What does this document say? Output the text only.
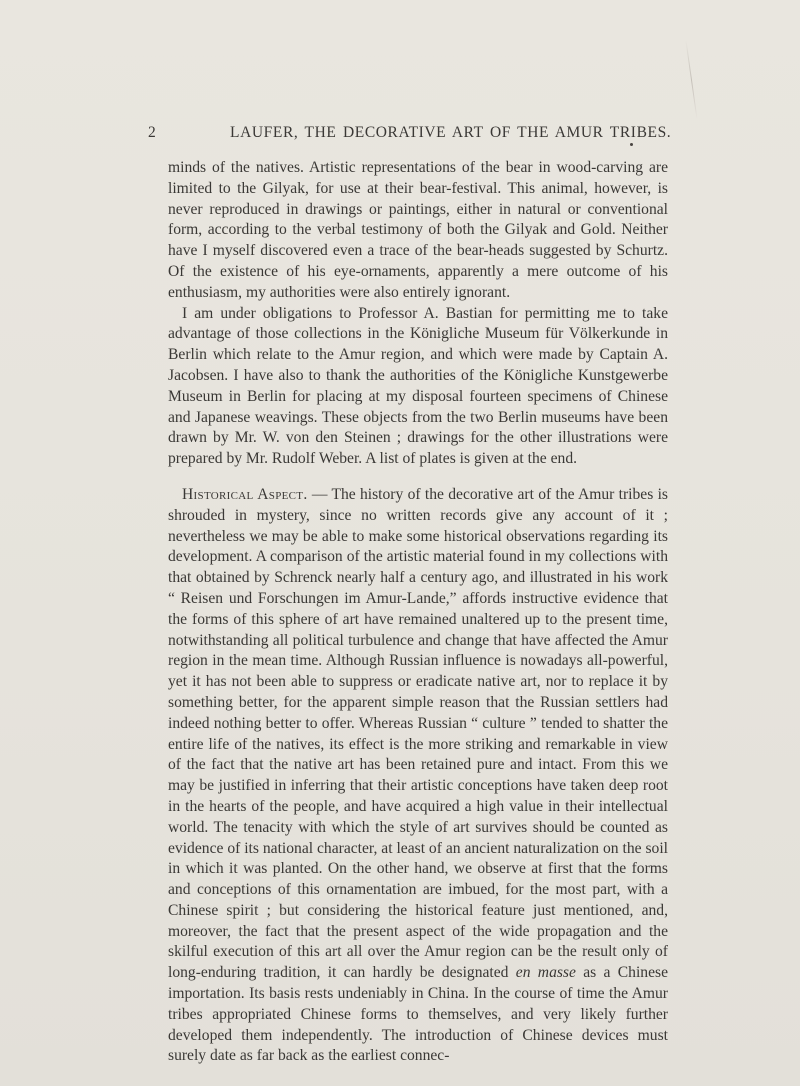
2	LAUFER, THE DECORATIVE ART OF THE AMUR TRIBES.

minds of the natives. Artistic representations of the bear in wood-carving are limited to the Gilyak, for use at their bear-festival. This animal, however, is never reproduced in drawings or paintings, either in natural or conventional form, according to the verbal testimony of both the Gilyak and Gold. Neither have I myself discovered even a trace of the bear-heads suggested by Schurtz. Of the existence of his eye-ornaments, apparently a mere outcome of his enthusiasm, my authorities were also entirely ignorant.

I am under obligations to Professor A. Bastian for permitting me to take advantage of those collections in the Königliche Museum für Völkerkunde in Berlin which relate to the Amur region, and which were made by Captain A. Jacobsen. I have also to thank the authorities of the Königliche Kunstgewerbe Museum in Berlin for placing at my disposal fourteen specimens of Chinese and Japanese weavings. These objects from the two Berlin museums have been drawn by Mr. W. von den Steinen ; drawings for the other illustrations were prepared by Mr. Rudolf Weber. A list of plates is given at the end.

Historical Aspect. — The history of the decorative art of the Amur tribes is shrouded in mystery, since no written records give any account of it ; nevertheless we may be able to make some historical observations regarding its development. A comparison of the artistic material found in my collections with that obtained by Schrenck nearly half a century ago, and illustrated in his work “ Reisen und Forschungen im Amur-Lande,” affords instructive evidence that the forms of this sphere of art have remained unaltered up to the present time, notwithstanding all political turbulence and change that have affected the Amur region in the mean time. Although Russian influence is nowadays all-powerful, yet it has not been able to suppress or eradicate native art, nor to replace it by something better, for the apparent simple reason that the Russian settlers had indeed nothing better to offer. Whereas Russian “ culture ” tended to shatter the entire life of the natives, its effect is the more striking and remarkable in view of the fact that the native art has been retained pure and intact. From this we may be justified in inferring that their artistic conceptions have taken deep root in the hearts of the people, and have acquired a high value in their intellectual world. The tenacity with which the style of art survives should be counted as evidence of its national character, at least of an ancient naturalization on the soil in which it was planted. On the other hand, we observe at first that the forms and conceptions of this ornamentation are imbued, for the most part, with a Chinese spirit ; but considering the historical feature just mentioned, and, moreover, the fact that the present aspect of the wide propagation and the skilful execution of this art all over the Amur region can be the result only of long-enduring tradition, it can hardly be designated en masse as a Chinese importation. Its basis rests undeniably in China. In the course of time the Amur tribes appropriated Chinese forms to themselves, and very likely further developed them independently. The introduction of Chinese devices must surely date as far back as the earliest connec-
